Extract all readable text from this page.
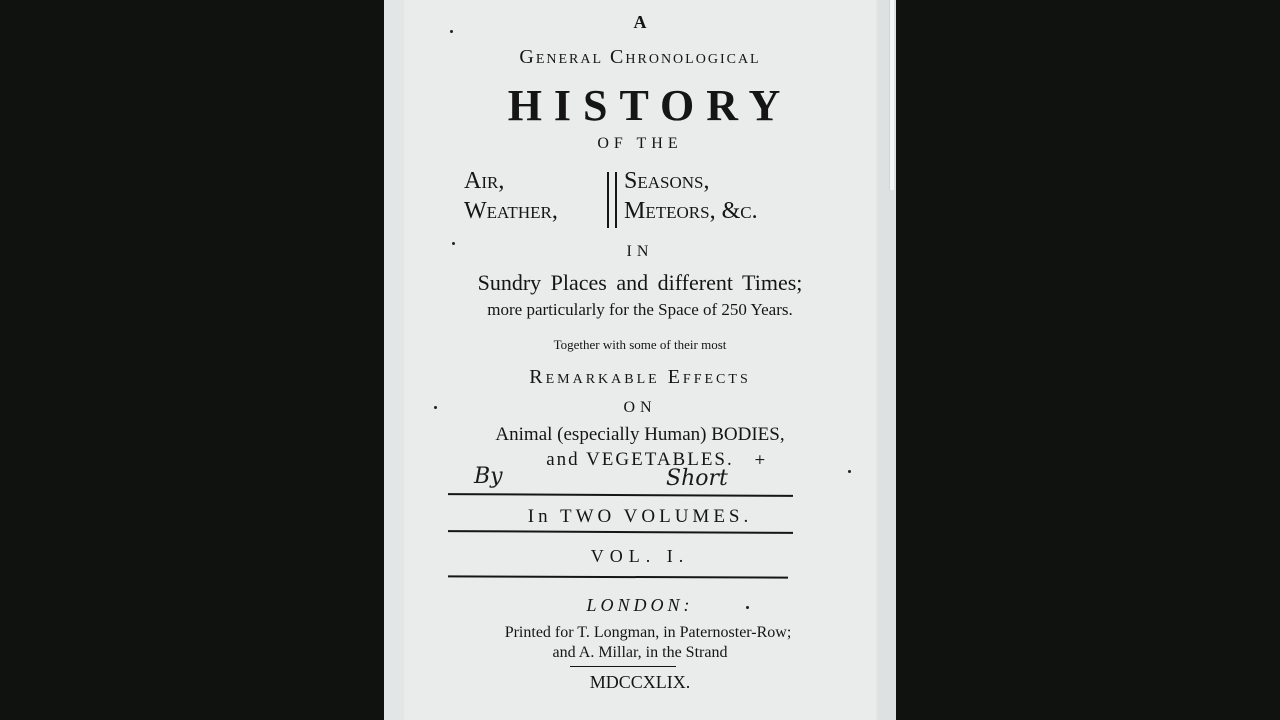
A
General Chronological
HISTORY
OF THE
Air,
Weather,
Seasons,
Meteors, &c.
IN
Sundry Places and different Times;
more particularly for the Space of 250 Years.
Together with some of their most
Remarkable Effects
ON
Animal (especially Human) BODIES,
and VEGETABLES.
By	Short
+
In TWO VOLUMES.
VOL. I.
LONDON:
Printed for T. Longman, in Paternoster-Row;
and A. Millar, in the Strand
MDCCXLIX.
